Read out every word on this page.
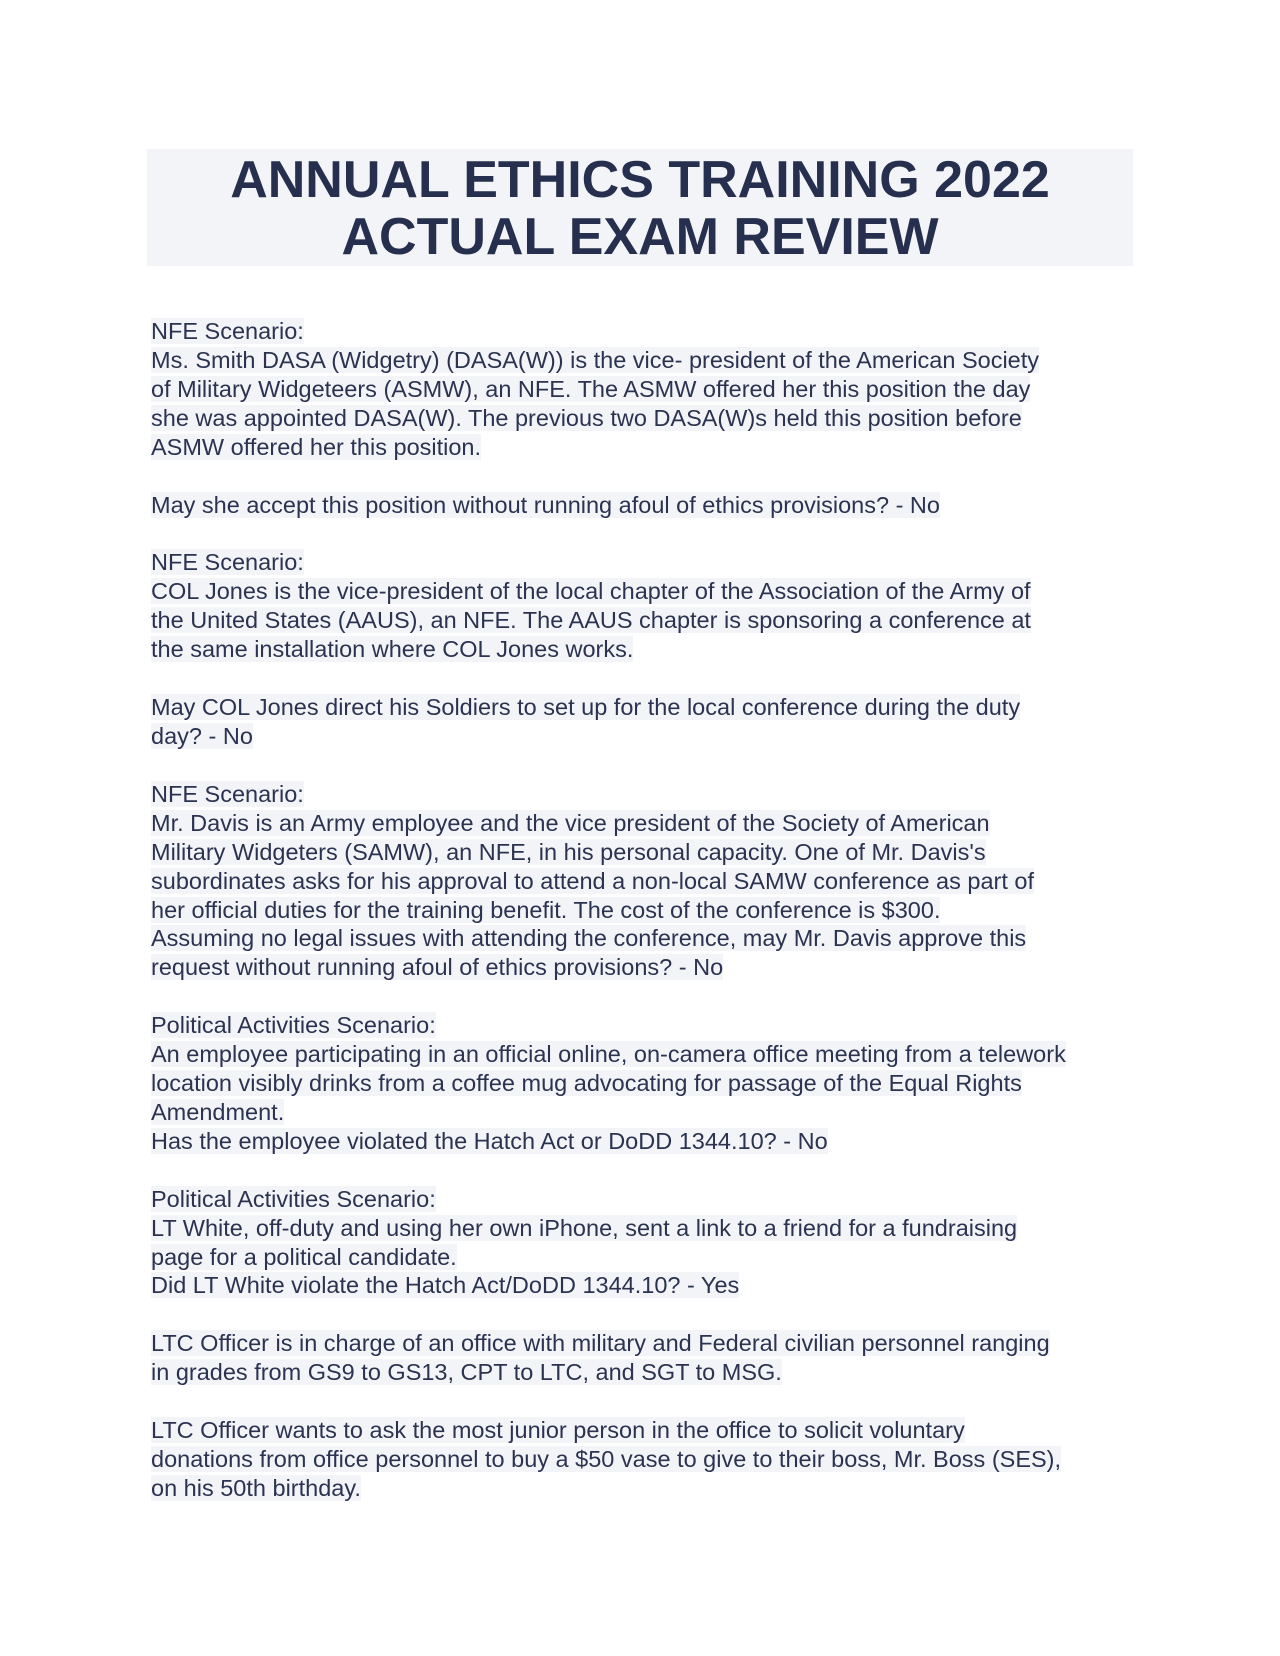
ANNUAL ETHICS TRAINING 2022
ACTUAL EXAM REVIEW
NFE Scenario:
Ms. Smith DASA (Widgetry) (DASA(W)) is the vice- president of the American Society
of Military Widgeteers (ASMW), an NFE. The ASMW offered her this position the day
she was appointed DASA(W). The previous two DASA(W)s held this position before
ASMW offered her this position.
May she accept this position without running afoul of ethics provisions? - No
NFE Scenario:
COL Jones is the vice-president of the local chapter of the Association of the Army of
the United States (AAUS), an NFE. The AAUS chapter is sponsoring a conference at
the same installation where COL Jones works.
May COL Jones direct his Soldiers to set up for the local conference during the duty
day? - No
NFE Scenario:
Mr. Davis is an Army employee and the vice president of the Society of American
Military Widgeters (SAMW), an NFE, in his personal capacity. One of Mr. Davis's
subordinates asks for his approval to attend a non-local SAMW conference as part of
her official duties for the training benefit. The cost of the conference is $300.
Assuming no legal issues with attending the conference, may Mr. Davis approve this
request without running afoul of ethics provisions? - No
Political Activities Scenario:
An employee participating in an official online, on-camera office meeting from a telework
location visibly drinks from a coffee mug advocating for passage of the Equal Rights
Amendment.
Has the employee violated the Hatch Act or DoDD 1344.10? - No
Political Activities Scenario:
LT White, off-duty and using her own iPhone, sent a link to a friend for a fundraising
page for a political candidate.
Did LT White violate the Hatch Act/DoDD 1344.10? - Yes
LTC Officer is in charge of an office with military and Federal civilian personnel ranging
in grades from GS9 to GS13, CPT to LTC, and SGT to MSG.
LTC Officer wants to ask the most junior person in the office to solicit voluntary
donations from office personnel to buy a $50 vase to give to their boss, Mr. Boss (SES),
on his 50th birthday.
